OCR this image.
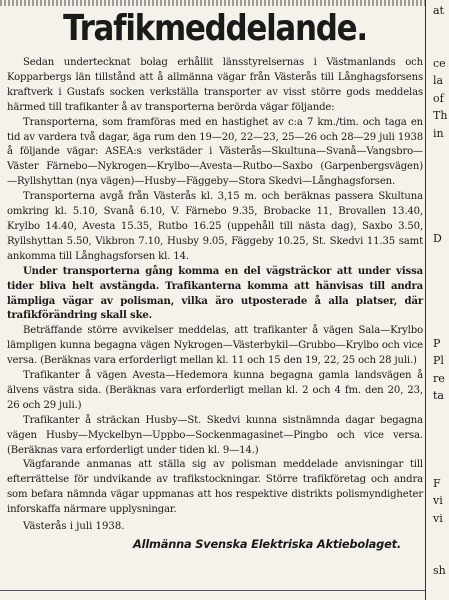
Trafikmeddelande.

Sedan undertecknat bolag erhållit länsstyrelsernas i Västmanlands och Kopparbergs län tillstånd att å allmänna vägar från Västerås till Långhagsforsens kraftverk i Gustafs socken verkställa transporter av visst större gods meddelas härmed till trafikanter å av transporterna berörda vägar följande:

Transporterna, som framföras med en hastighet av c:a 7 km./tim. och taga en tid av vardera två dagar, äga rum den 19—20, 22—23, 25—26 och 28—29 juli 1938 å följande vägar: ASEA:s verkstäder i Västerås—Skultuna—Svanå—Vangsbro—Väster Färnebo—Nykrogen—Krylbo—Avesta—Rutbo—Saxbo (Garpenbergsvägen)—Ryllshyttan (nya vägen)—Husby—Fäggeby—Stora Skedvi—Långhagsforsen.

Transporterna avgå från Västerås kl. 3,15 m. och beräknas passera Skultuna omkring kl. 5.10, Svanå 6.10, V. Färnebo 9.35, Brobacke 11, Brovallen 13.40, Krylbo 14.40, Avesta 15.35, Rutbo 16.25 (uppehåll till nästa dag), Saxbo 3.50, Ryllshyttan 5.50, Vikbron 7.10, Husby 9.05, Fäggeby 10.25, St. Skedvi 11.35 samt ankomma till Långhagsforsen kl. 14.

Under transporterna gång komma en del vägsträckor att under vissa tider bliva helt avstängda. Trafikanterna komma att hänvisas till andra lämpliga vägar av polisman, vilka äro utposterade å alla platser, där trafikförändring skall ske.

Beträffande större avvikelser meddelas, att trafikanter å vägen Sala—Krylbo lämpligen kunna begagna vägen Nykrogen—Västerbykil—Grubbo—Krylbo och vice versa. (Beräknas vara erforderligt mellan kl. 11 och 15 den 19, 22, 25 och 28 juli.)

Trafikanter å vägen Avesta—Hedemora kunna begagna gamla landsvägen å älvens västra sida. (Beräknas vara erforderligt mellan kl. 2 och 4 fm. den 20, 23, 26 och 29 juli.)

Trafikanter å sträckan Husby—St. Skedvi kunna sistnämnda dagar begagna vägen Husby—Myckelbyn—Uppbo—Sockenmagasinet—Pingbo och vice versa. (Beräknas vara erforderligt under tiden kl. 9—14.)

Vägfarande anmanas att ställa sig av polisman meddelade anvisningar till efterrättelse för undvikande av trafikstockningar. Större trafikföretag och andra som befara nämnda vägar uppmanas att hos respektive distrikts polismyndigheter inforskaffa närmare upplysningar.

Västerås i juli 1938.

Allmänna Svenska Elektriska Aktiebolaget.

at
ce
la
of
Th
in
D
P
Pl
re
ta
F
vi
vi
sh
